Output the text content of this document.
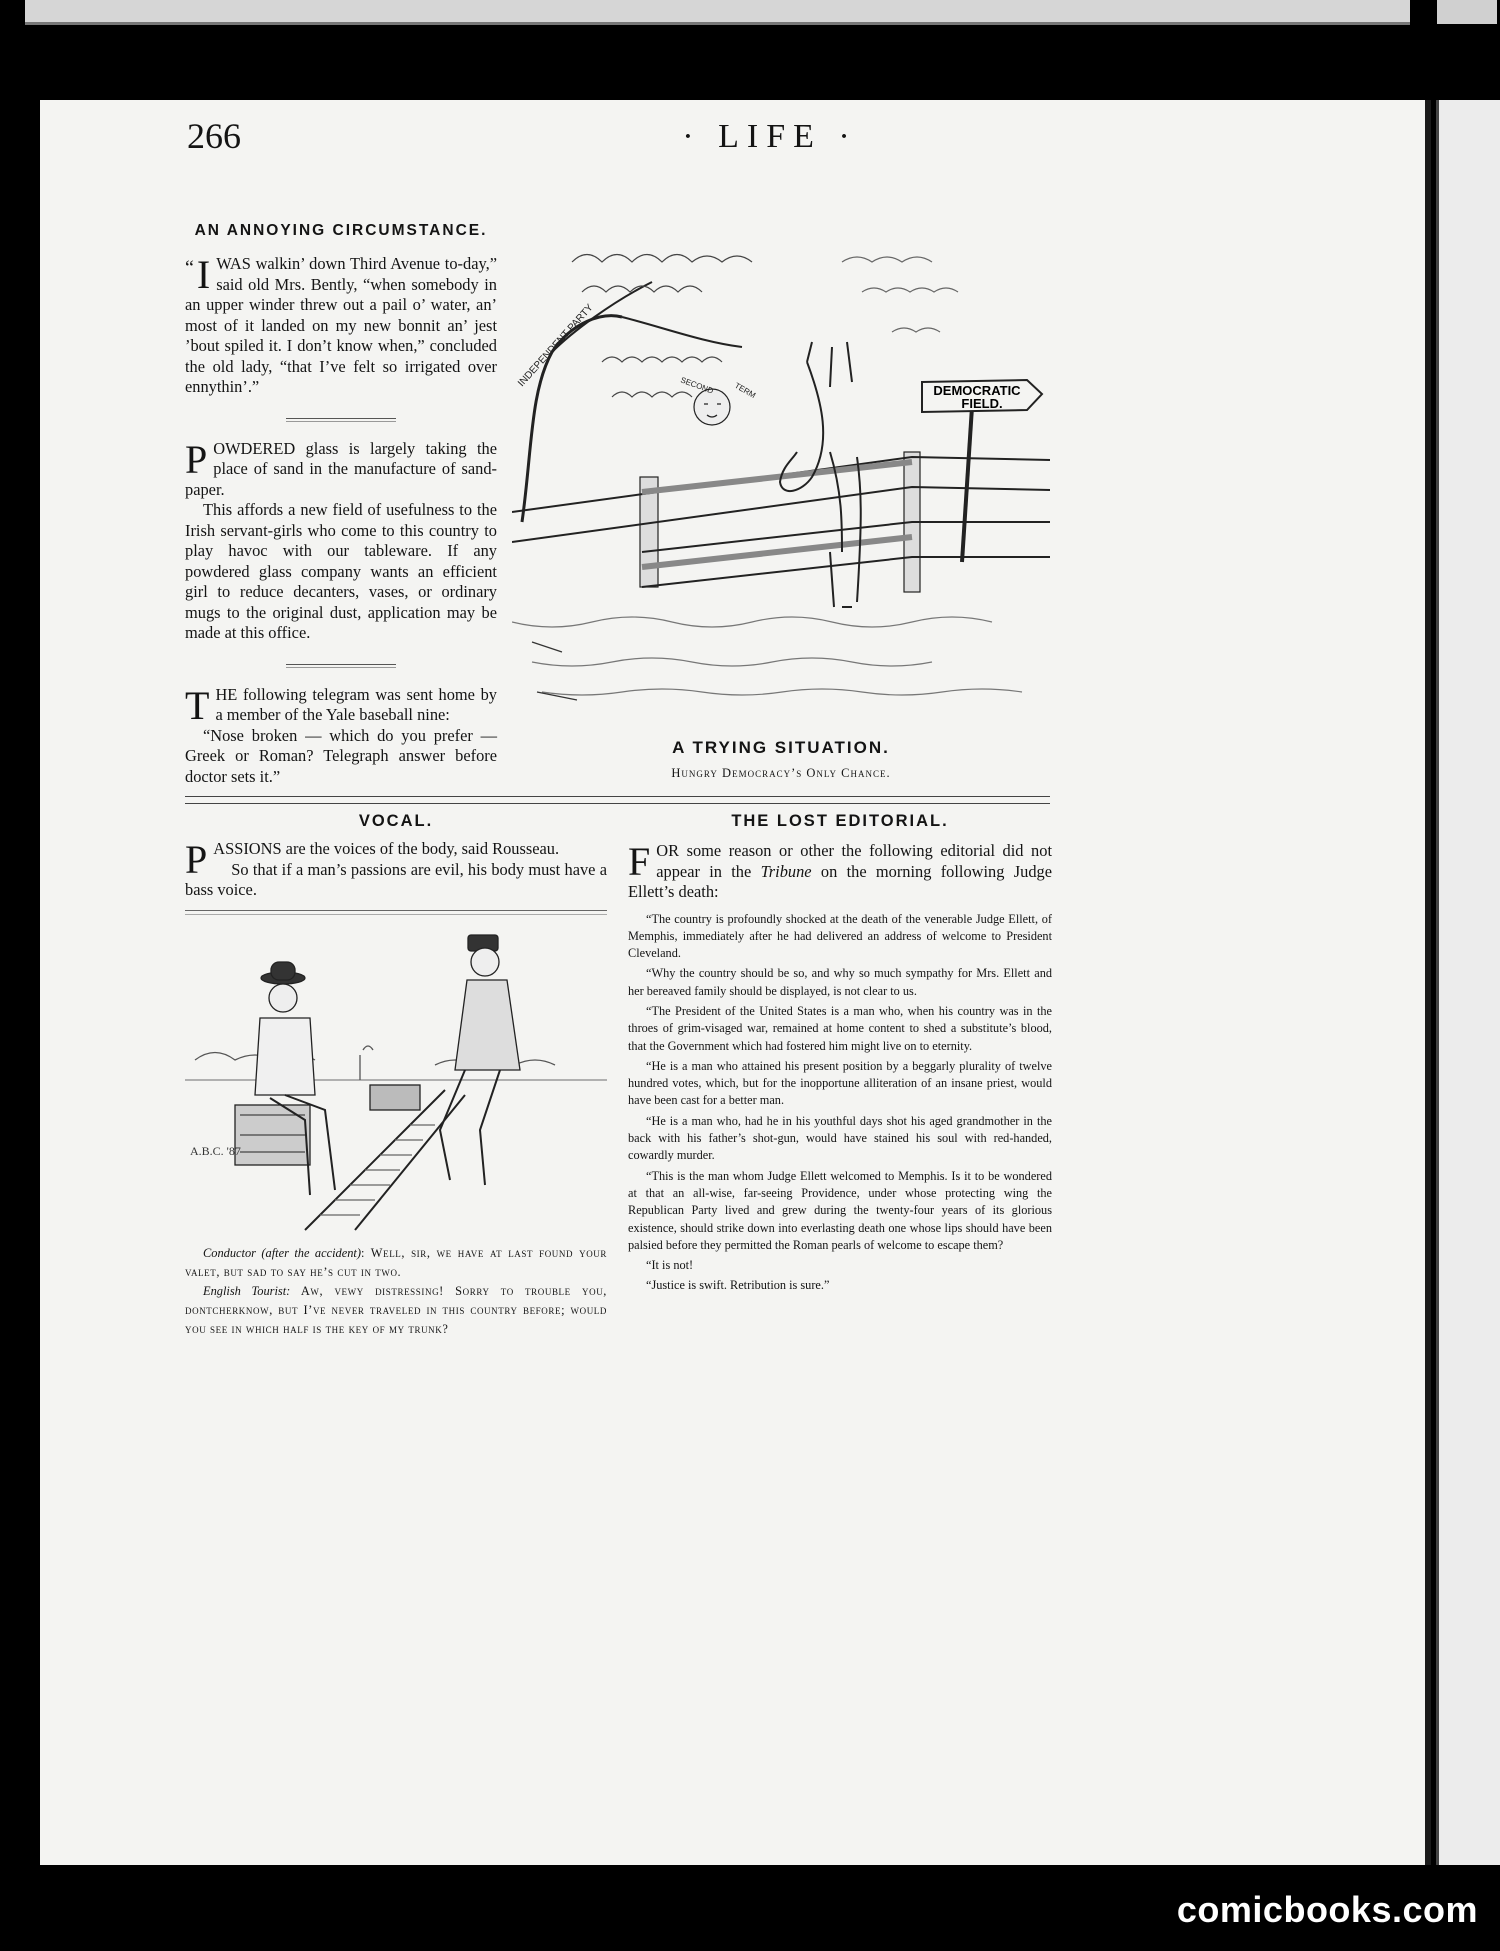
266	· LIFE ·
AN ANNOYING CIRCUMSTANCE.

“ I WAS walkin’ down Third Avenue to-day,” said old Mrs. Bently, “when somebody in an upper winder threw out a pail o’ water, an’ most of it landed on my new bonnit an’ jest ’bout spiled it. I don’t know when,” concluded the old lady, “that I’ve felt so irrigated over ennythin’.”

POWDERED glass is largely taking the place of sand in the manufacture of sand-paper.

This affords a new field of usefulness to the Irish servant-girls who come to this country to play havoc with our tableware. If any powdered glass company wants an efficient girl to reduce decanters, vases, or ordinary mugs to the original dust, application may be made at this office.

THE following telegram was sent home by a member of the Yale baseball nine:

“Nose broken — which do you prefer — Greek or Roman? Telegraph answer before doctor sets it.”

DEMOCRATIC
FIELD.
INDEPENDENT PARTY	SECOND TERM
A TRYING SITUATION.
Hungry Democracy’s Only Chance.
VOCAL.

PASSIONS are the voices of the body, said Rousseau.

So that if a man’s passions are evil, his body must have a bass voice.

A.B.C. '87

Conductor (after the accident): Well, sir, we have at last found your valet, but sad to say he’s cut in two.

English Tourist: Aw, vewy distressing! Sorry to trouble you, dontcherknow, but I’ve never traveled in this country before; would you see in which half is the key of my trunk?

THE LOST EDITORIAL.

FOR some reason or other the following editorial did not appear in the Tribune on the morning following Judge Ellett’s death:

“The country is profoundly shocked at the death of the venerable Judge Ellett, of Memphis, immediately after he had delivered an address of welcome to President Cleveland.

“Why the country should be so, and why so much sympathy for Mrs. Ellett and her bereaved family should be displayed, is not clear to us.

“The President of the United States is a man who, when his country was in the throes of grim-visaged war, remained at home content to shed a substitute’s blood, that the Government which had fostered him might live on to eternity.

“He is a man who attained his present position by a beggarly plurality of twelve hundred votes, which, but for the inopportune alliteration of an insane priest, would have been cast for a better man.

“He is a man who, had he in his youthful days shot his aged grandmother in the back with his father’s shot-gun, would have stained his soul with red-handed, cowardly murder.

“This is the man whom Judge Ellett welcomed to Memphis. Is it to be wondered at that an all-wise, far-seeing Providence, under whose protecting wing the Republican Party lived and grew during the twenty-four years of its glorious existence, should strike down into everlasting death one whose lips should have been palsied before they permitted the Roman pearls of welcome to escape them?

“It is not!

“Justice is swift. Retribution is sure.”

comicbooks.com
